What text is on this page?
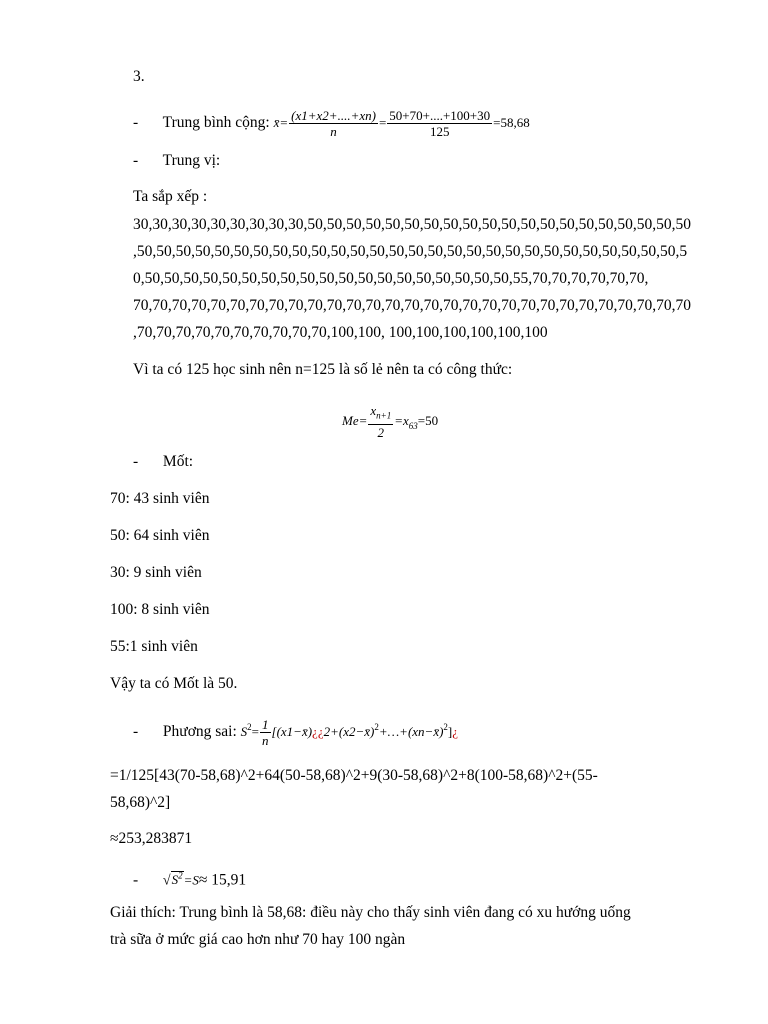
3.
- Trung bình cộng: x̄= $\frac{(x1+x2+....+xn)}{n} = \frac{50+70+....+100+30}{125} =58,68$
- Trung vị:
Ta sắp xếp :
30,30,30,30,30,30,30,30,30,50,50,50,50,50,50,50,50,50,50,50,50,50,50,50,50,50,50,50,50
,50,50,50,50,50,50,50,50,50,50,50,50,50,50,50,50,50,50,50,50,50,50,50,50,50,50,50,50,5
0,50,50,50,50,50,50,50,50,50,50,50,50,50,50,50,50,50,50,50,55,70,70,70,70,70,70,
70,70,70,70,70,70,70,70,70,70,70,70,70,70,70,70,70,70,70,70,70,70,70,70,70,70,70,70,70
,70,70,70,70,70,70,70,70,70,70,100,100, 100,100,100,100,100,100
Vì ta có 125 học sinh nên n=125 là số lẻ nên ta có công thức:
$Me= \frac{x_{n+1}}{2} =x_{63}=50$
- Mốt:
70: 43 sinh viên
50: 64 sinh viên
30: 9 sinh viên
100: 8 sinh viên
55:1 sinh viên
Vậy ta có Mốt là 50.
- Phương sai: $S^2= \frac{1}{n}$ [(x1−x̄)¿¿2+(x2−x̄)$^2$+…+(xn−x̄)$^2$]¿
=1/125[43(70-58,68)^2+64(50-58,68)^2+9(30-58,68)^2+8(100-58,68)^2+(55-
58,68)^2]
≈253,283871
- $√S^2=S\approx 15,91$
Giải thích: Trung bình là 58,68: điều này cho thấy sinh viên đang có xu hướng uống
trà sữa ở mức giá cao hơn như 70 hay 100 ngàn
